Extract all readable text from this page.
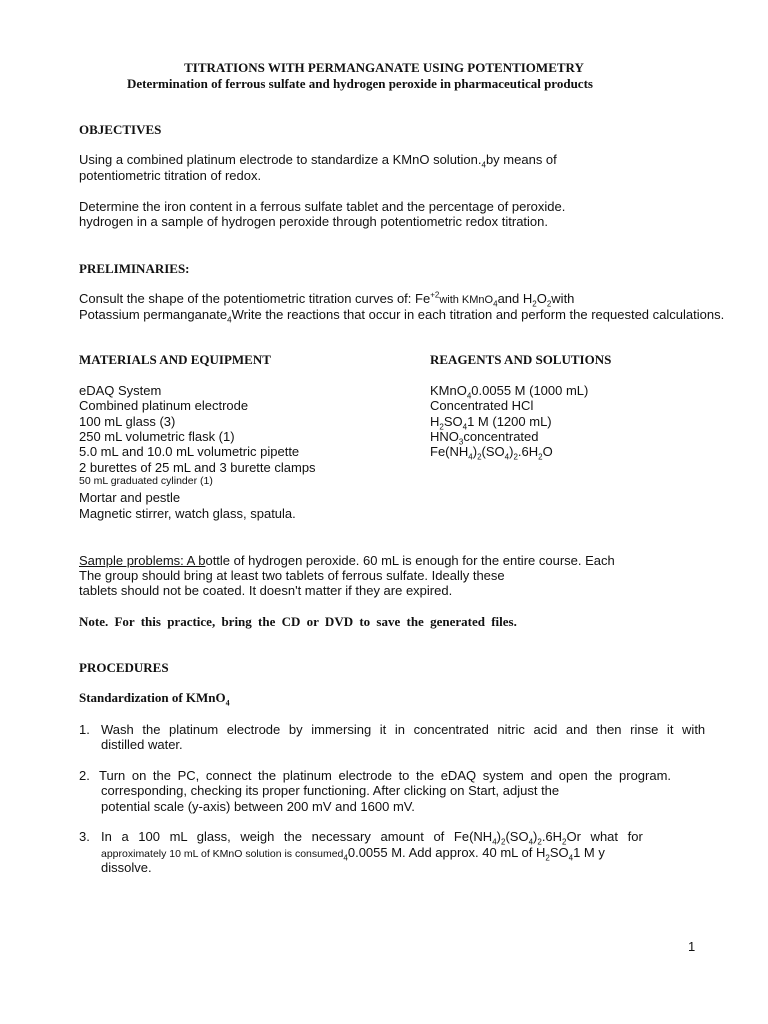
TITRATIONS WITH PERMANGANATE USING POTENTIOMETRY
Determination of ferrous sulfate and hydrogen peroxide in pharmaceutical products
OBJECTIVES
Using a combined platinum electrode to standardize a KMnO $solution._4by$ means of
potentiometric titration of redox.
Determine the iron content in a ferrous sulfate tablet and the percentage of peroxide.
hydrogen in a sample of hydrogen peroxide through potentiometric redox titration.
PRELIMINARIES:
Consult the shape of the potentiometric titration curves of: $Fe^{+2}with$ KMnO$_4$and $H_2O_2with$
Potassium permanganate$_4$Write the reactions that occur in each titration and perform the requested calculations.
MATERIALS AND EQUIPMENT
eDAQ System
Combined platinum electrode
100 mL glass (3)
250 mL volumetric flask (1)
5.0 mL and 10.0 mL volumetric pipette
2 burettes of 25 mL and 3 burette clamps
50 mL graduated cylinder (1)
Mortar and pestle
Magnetic stirrer, watch glass, spatula.
REAGENTS AND SOLUTIONS
KMnO$_4$0.0055 M (1000 mL)
Concentrated HCl
$H_2SO_41$ M (1200 mL)
$HNO_3concentrated$
$Fe(NH_4)_2(SO_4)_2.6H_2O$
Sample problems: A bottle of hydrogen peroxide. 60 mL is enough for the entire course. Each
The group should bring at least two tablets of ferrous sulfate. Ideally these
tablets should not be coated. It doesn't matter if they are expired.
Note. For this practice, bring the CD or DVD to save the generated files.
PROCEDURES
Standardization of KMnO$_4$
1. Wash the platinum electrode by immersing it in concentrated nitric acid and then rinse it with
distilled water.
2. Turn on the PC, connect the platinum electrode to the eDAQ system and open the program.
corresponding, checking its proper functioning. After clicking on Start, adjust the
potential scale (y-axis) between 200 mV and 1600 mV.
3. In a 100 mL glass, weigh the necessary amount of $Fe(NH_4)_2(SO_4)_2.6H_2Or$ what for
approximately 10 mL of KMnO solution is consumed$_4$0.0055 M. Add approx. 40 mL of $H_2SO_41$ M y
dissolve.
1
